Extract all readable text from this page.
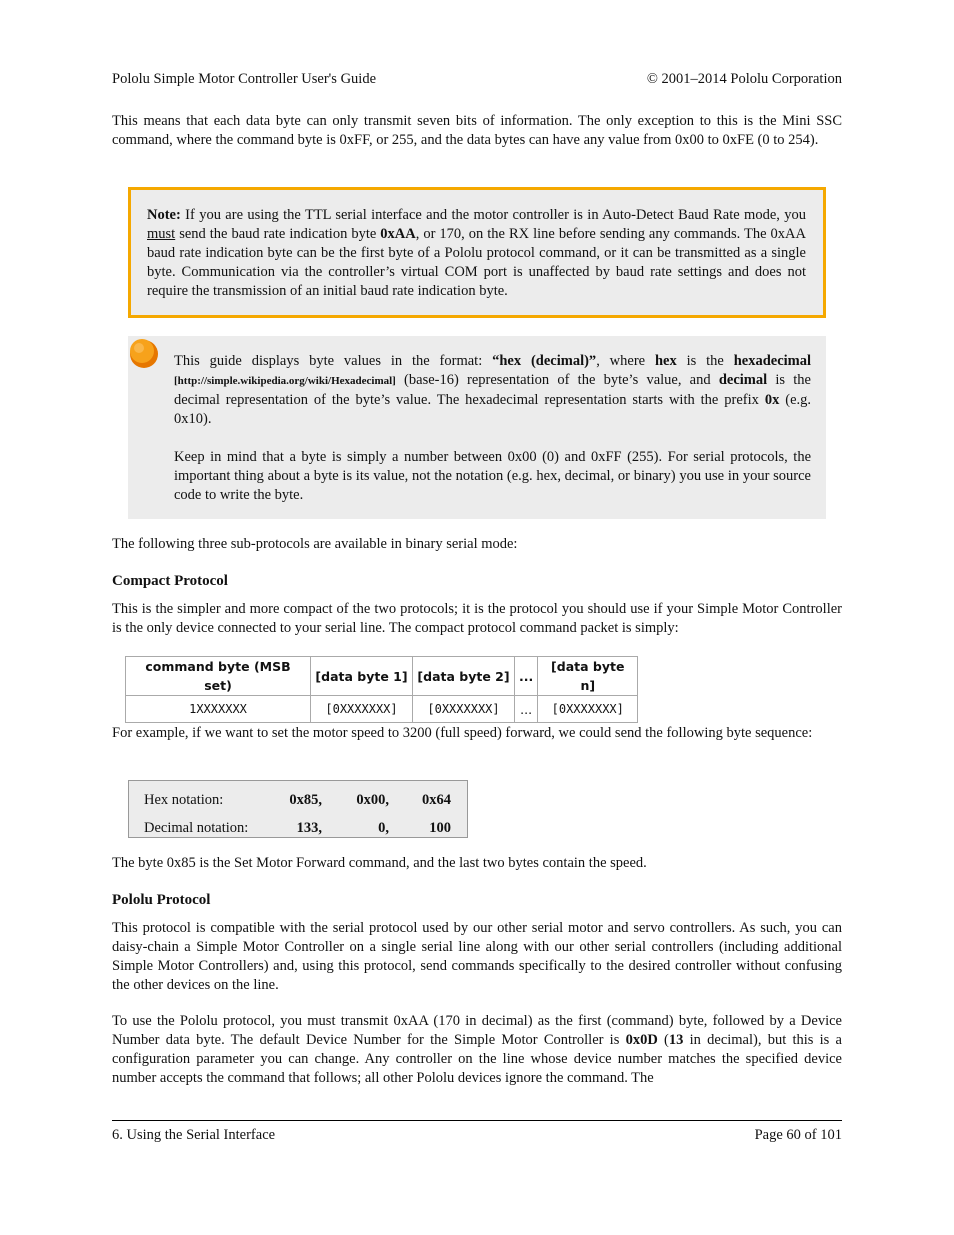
Pololu Simple Motor Controller User's Guide	© 2001–2014 Pololu Corporation

This means that each data byte can only transmit seven bits of information. The only exception to this is the Mini SSC command, where the command byte is 0xFF, or 255, and the data bytes can have any value from 0x00 to 0xFE (0 to 254).

Note: If you are using the TTL serial interface and the motor controller is in Auto-Detect Baud Rate mode, you must send the baud rate indication byte 0xAA, or 170, on the RX line before sending any commands. The 0xAA baud rate indication byte can be the first byte of a Pololu protocol command, or it can be transmitted as a single byte. Communication via the controller’s virtual COM port is unaffected by baud rate settings and does not require the transmission of an initial baud rate indication byte.

This guide displays byte values in the format: “hex (decimal)”, where hex is the hexadecimal [http://simple.wikipedia.org/wiki/Hexadecimal] (base-16) representation of the byte’s value, and decimal is the decimal representation of the byte’s value. The hexadecimal representation starts with the prefix 0x (e.g. 0x10).

Keep in mind that a byte is simply a number between 0x00 (0) and 0xFF (255). For serial protocols, the important thing about a byte is its value, not the notation (e.g. hex, decimal, or binary) you use in your source code to write the byte.

The following three sub-protocols are available in binary serial mode:

Compact Protocol

This is the simpler and more compact of the two protocols; it is the protocol you should use if your Simple Motor Controller is the only device connected to your serial line. The compact protocol command packet is simply:

command byte (MSB set)	[data byte 1]	[data byte 2]	...	[data byte n]
1XXXXXXX	[0XXXXXXX]	[0XXXXXXX]	...	[0XXXXXXX]

For example, if we want to set the motor speed to 3200 (full speed) forward, we could send the following byte sequence:

Hex notation:	0x85,	0x00,	0x64
Decimal notation:	133,	0,	100

The byte 0x85 is the Set Motor Forward command, and the last two bytes contain the speed.

Pololu Protocol

This protocol is compatible with the serial protocol used by our other serial motor and servo controllers. As such, you can daisy-chain a Simple Motor Controller on a single serial line along with our other serial controllers (including additional Simple Motor Controllers) and, using this protocol, send commands specifically to the desired controller without confusing the other devices on the line.

To use the Pololu protocol, you must transmit 0xAA (170 in decimal) as the first (command) byte, followed by a Device Number data byte. The default Device Number for the Simple Motor Controller is 0x0D (13 in decimal), but this is a configuration parameter you can change. Any controller on the line whose device number matches the specified device number accepts the command that follows; all other Pololu devices ignore the command. The

6. Using the Serial Interface	Page 60 of 101
